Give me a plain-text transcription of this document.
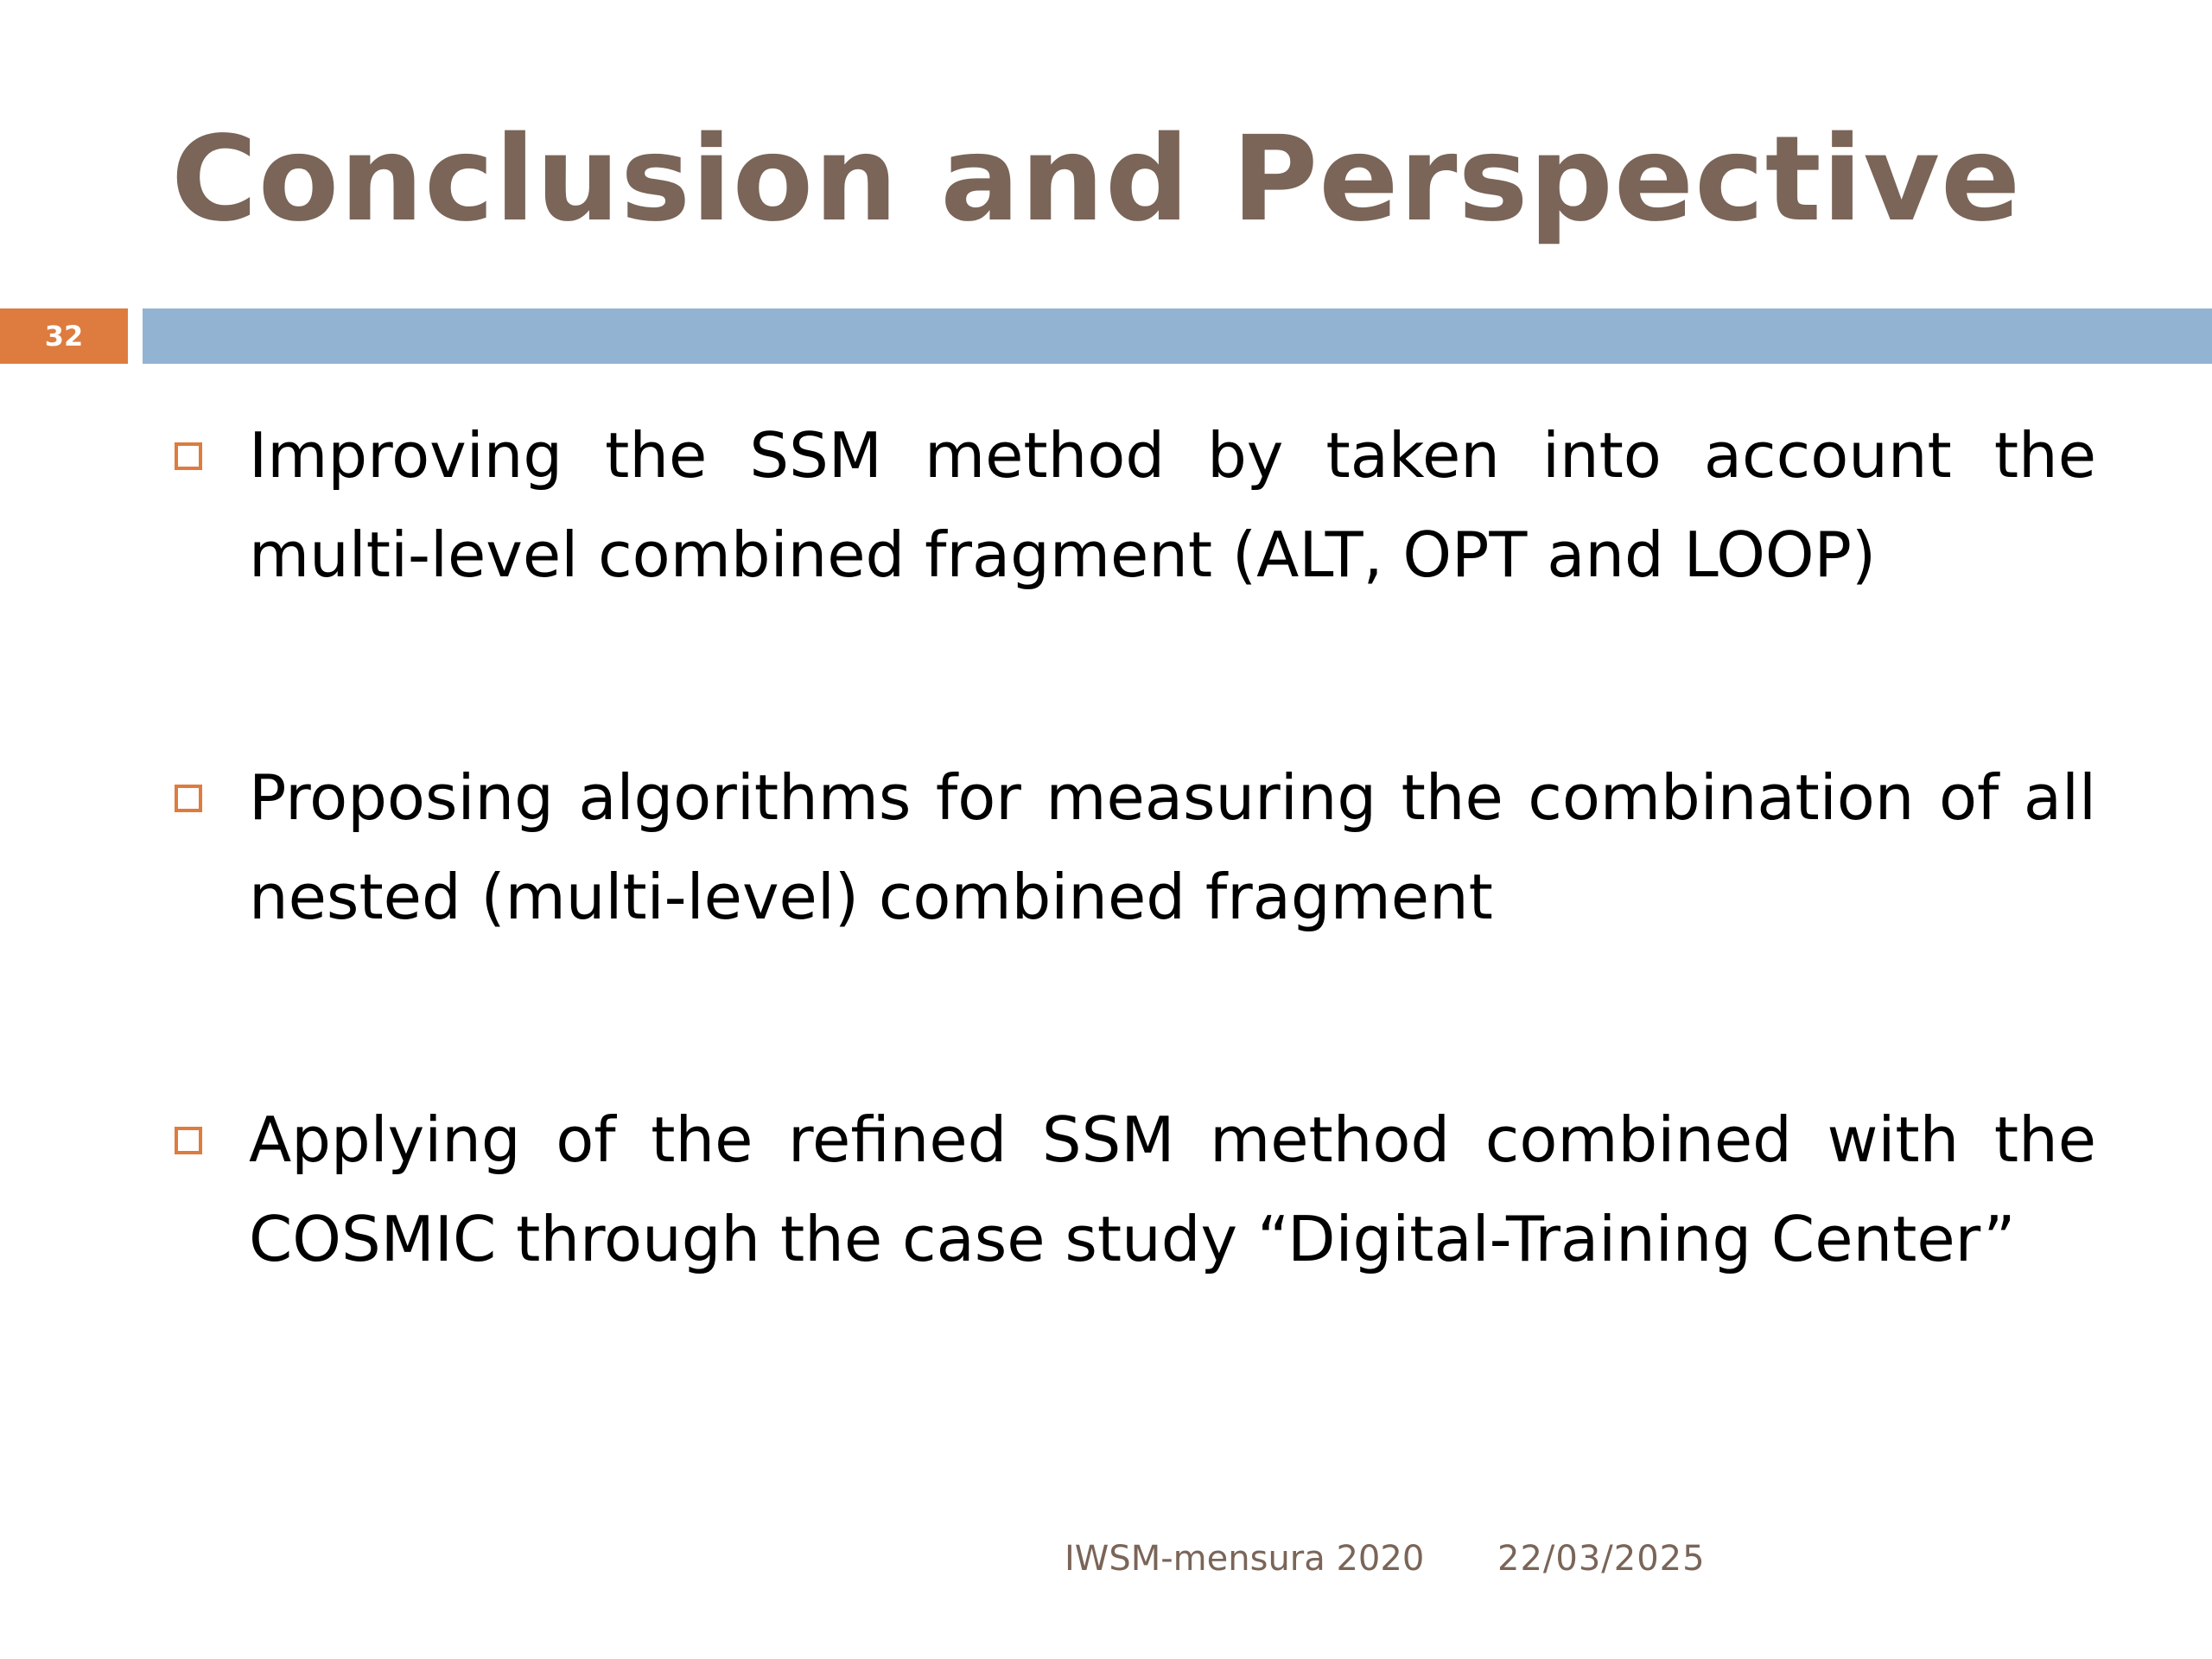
Conclusion and Perspective
32
Improving the SSM method by taken into account the multi-level combined fragment (ALT, OPT and LOOP)
Proposing algorithms for measuring the combination of all nested (multi-level) combined fragment
Applying of the refined SSM method combined with the COSMIC through the case study “Digital-Training Center”
IWSM-mensura 2020 22/03/2025
